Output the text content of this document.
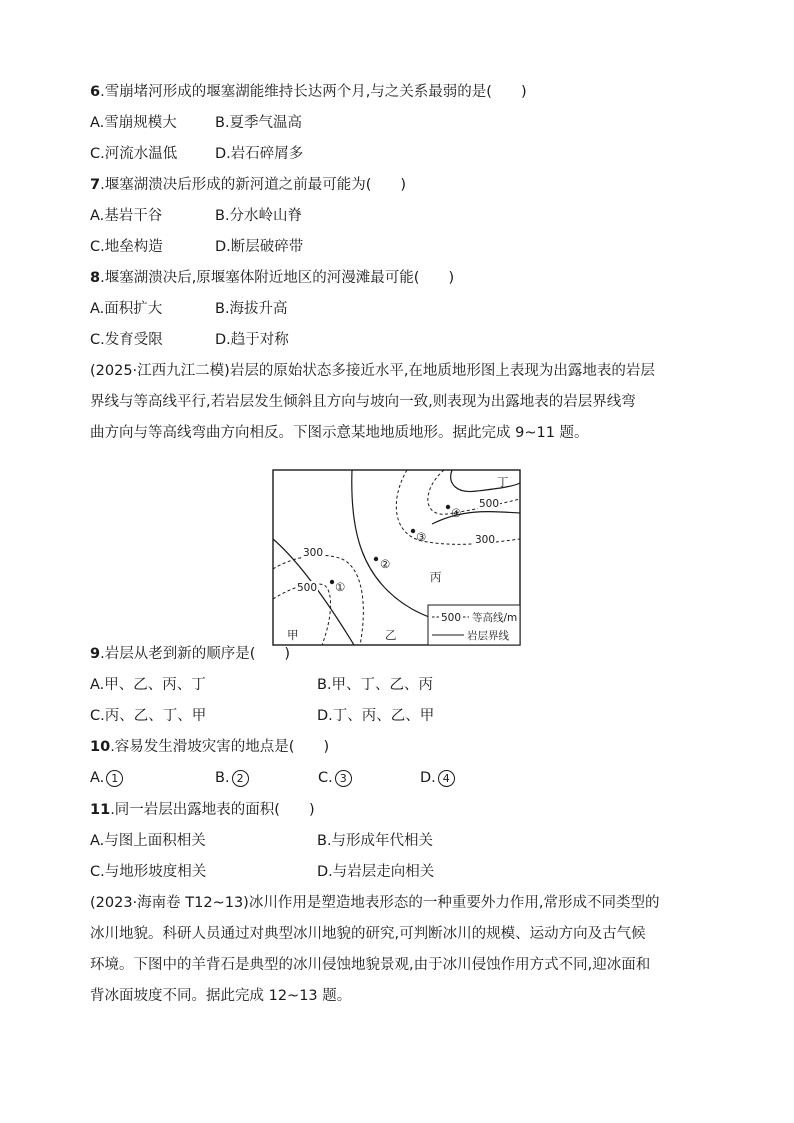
6.雪崩堵河形成的堰塞湖能维持长达两个月,与之关系最弱的是(　　)
A.雪崩规模大	B.夏季气温高
C.河流水温低	D.岩石碎屑多
7.堰塞湖溃决后形成的新河道之前最可能为(　　)
A.基岩干谷	B.分水岭山脊
C.地垒构造	D.断层破碎带
8.堰塞湖溃决后,原堰塞体附近地区的河漫滩最可能(　　)
A.面积扩大	B.海拔升高
C.发育受限	D.趋于对称
(2025·江西九江二模)岩层的原始状态多接近水平,在地质地形图上表现为出露地表的岩层
界线与等高线平行,若岩层发生倾斜且方向与坡向一致,则表现为出露地表的岩层界线弯
曲方向与等高线弯曲方向相反。下图示意某地地质地形。据此完成 9~11 题。
500
300
300
500
丁
丙
甲	乙
④
③
②
①
500 等高线/m
岩层界线
9.岩层从老到新的顺序是(　　)
A.甲、乙、丙、丁	B.甲、丁、乙、丙
C.丙、乙、丁、甲	D.丁、丙、乙、甲
10.容易发生滑坡灾害的地点是(　　)
A. 1	B. 2	C. 3	D. 4
11.同一岩层出露地表的面积(　　)
A.与图上面积相关	B.与形成年代相关
C.与地形坡度相关	D.与岩层走向相关
(2023·海南卷 T12~13)冰川作用是塑造地表形态的一种重要外力作用,常形成不同类型的
冰川地貌。科研人员通过对典型冰川地貌的研究,可判断冰川的规模、运动方向及古气候
环境。下图中的羊背石是典型的冰川侵蚀地貌景观,由于冰川侵蚀作用方式不同,迎冰面和
背冰面坡度不同。据此完成 12~13 题。
